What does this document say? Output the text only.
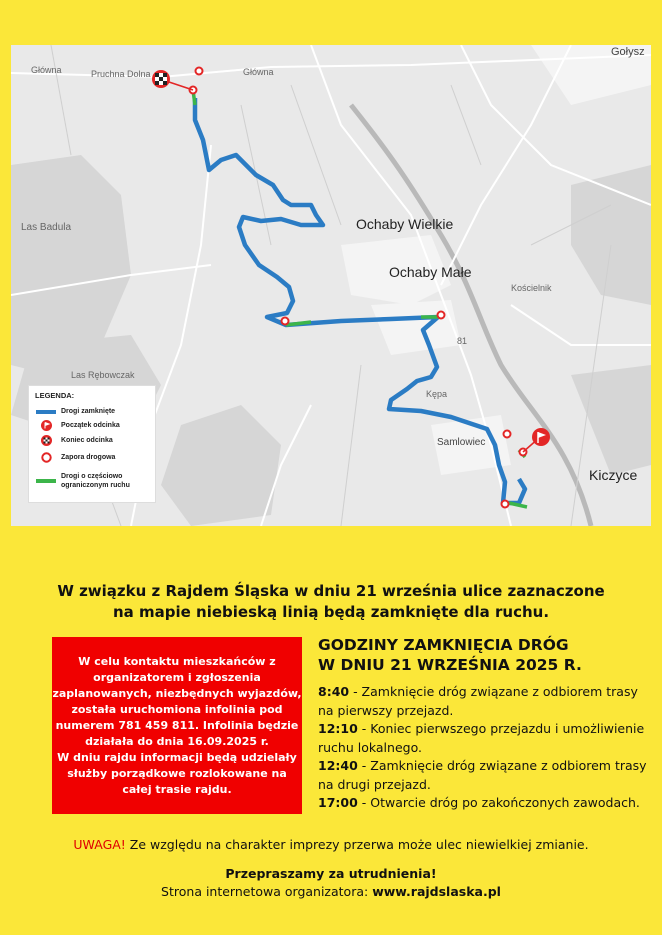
Gołysz
Główna	Główna
Pruchna Dolna
Ochaby Wielkie
Ochaby Małe
Las Badula
Las Rębowczak
Samlowiec
Kiczyce
Kępa
Kościelnik
81
LEGENDA:
Drogi zamknięte
Początek odcinka
Koniec odcinka
Zapora drogowa
Drogi o częściowo
ograniczonym ruchu
W związku z Rajdem Śląska w dniu 21 września ulice zaznaczone
na mapie niebieską linią będą zamknięte dla ruchu.

W celu kontaktu mieszkańców z organizatorem i zgłoszenia zaplanowanych, niezbędnych wyjazdów, została uruchomiona infolinia pod numerem 781 459 811. Infolinia będzie działała do dnia 16.09.2025 r.

W dniu rajdu informacji będą udzielały służby porządkowe rozlokowane na całej trasie rajdu.

GODZINY ZAMKNIĘCIA DRÓG
W DNIU 21 WRZEŚNIA 2025 R.

8:40 - Zamknięcie dróg związane z odbiorem trasy na pierwszy przejazd.

12:10 - Koniec pierwszego przejazdu i umożliwienie ruchu lokalnego.

12:40 - Zamknięcie dróg związane z odbiorem trasy na drugi przejazd.

17:00 - Otwarcie dróg po zakończonych zawodach.

UWAGA! Ze względu na charakter imprezy przerwa może ulec niewielkiej zmianie.
Przepraszamy za utrudnienia!
Strona internetowa organizatora: www.rajdslaska.pl
